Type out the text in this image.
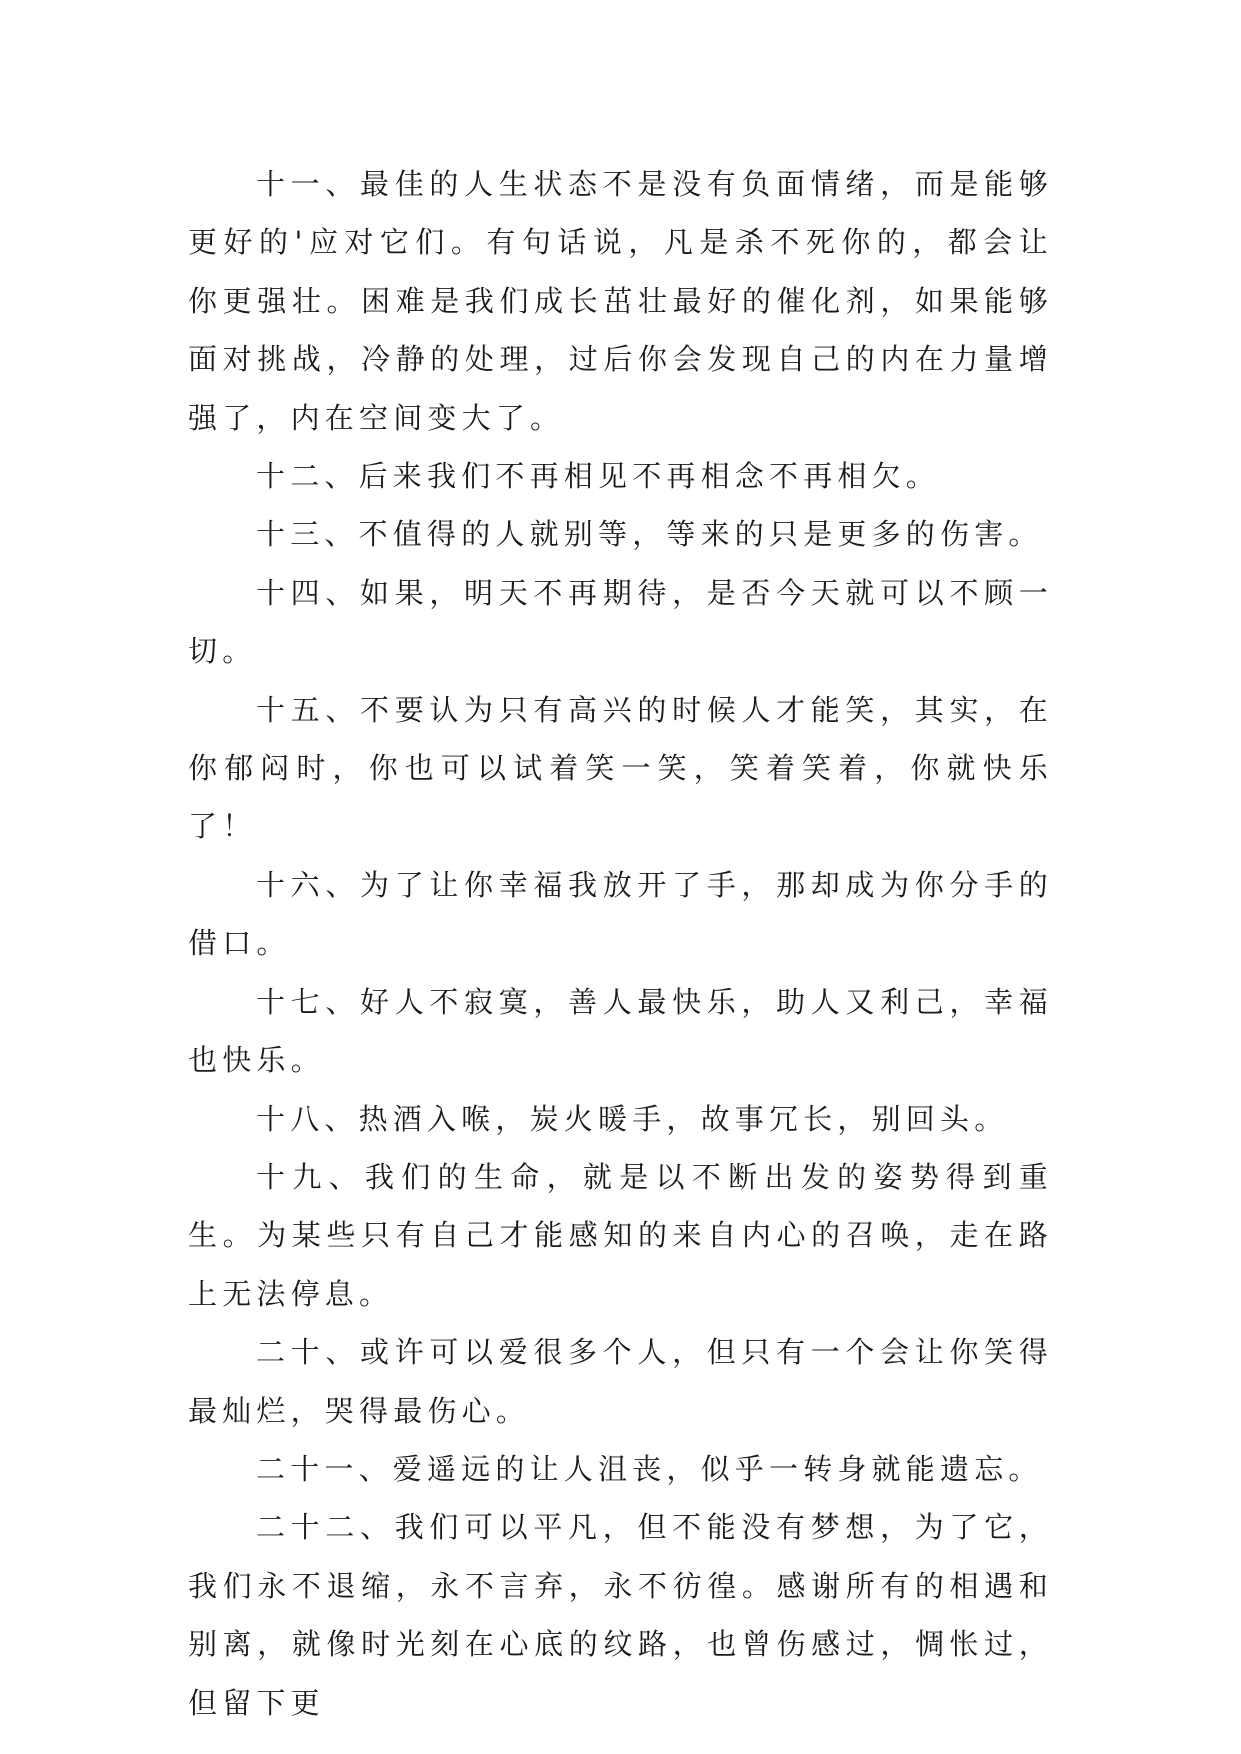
十一、最佳的人生状态不是没有负面情绪，而是能够更好的'应对它们。有句话说，凡是杀不死你的，都会让你更强壮。困难是我们成长茁壮最好的催化剂，如果能够面对挑战，冷静的处理，过后你会发现自己的内在力量增强了，内在空间变大了。

十二、后来我们不再相见不再相念不再相欠。

十三、不值得的人就别等，等来的只是更多的伤害。

十四、如果，明天不再期待，是否今天就可以不顾一切。

十五、不要认为只有高兴的时候人才能笑，其实，在你郁闷时，你也可以试着笑一笑，笑着笑着，你就快乐了！

十六、为了让你幸福我放开了手，那却成为你分手的借口。

十七、好人不寂寞，善人最快乐，助人又利己，幸福也快乐。

十八、热酒入喉，炭火暖手，故事冗长，别回头。

十九、我们的生命，就是以不断出发的姿势得到重生。为某些只有自己才能感知的来自内心的召唤，走在路上无法停息。

二十、或许可以爱很多个人，但只有一个会让你笑得最灿烂，哭得最伤心。

二十一、爱遥远的让人沮丧，似乎一转身就能遗忘。

二十二、我们可以平凡，但不能没有梦想，为了它，我们永不退缩，永不言弃，永不彷徨。感谢所有的相遇和别离，就像时光刻在心底的纹路，也曾伤感过，惆怅过，但留下更
